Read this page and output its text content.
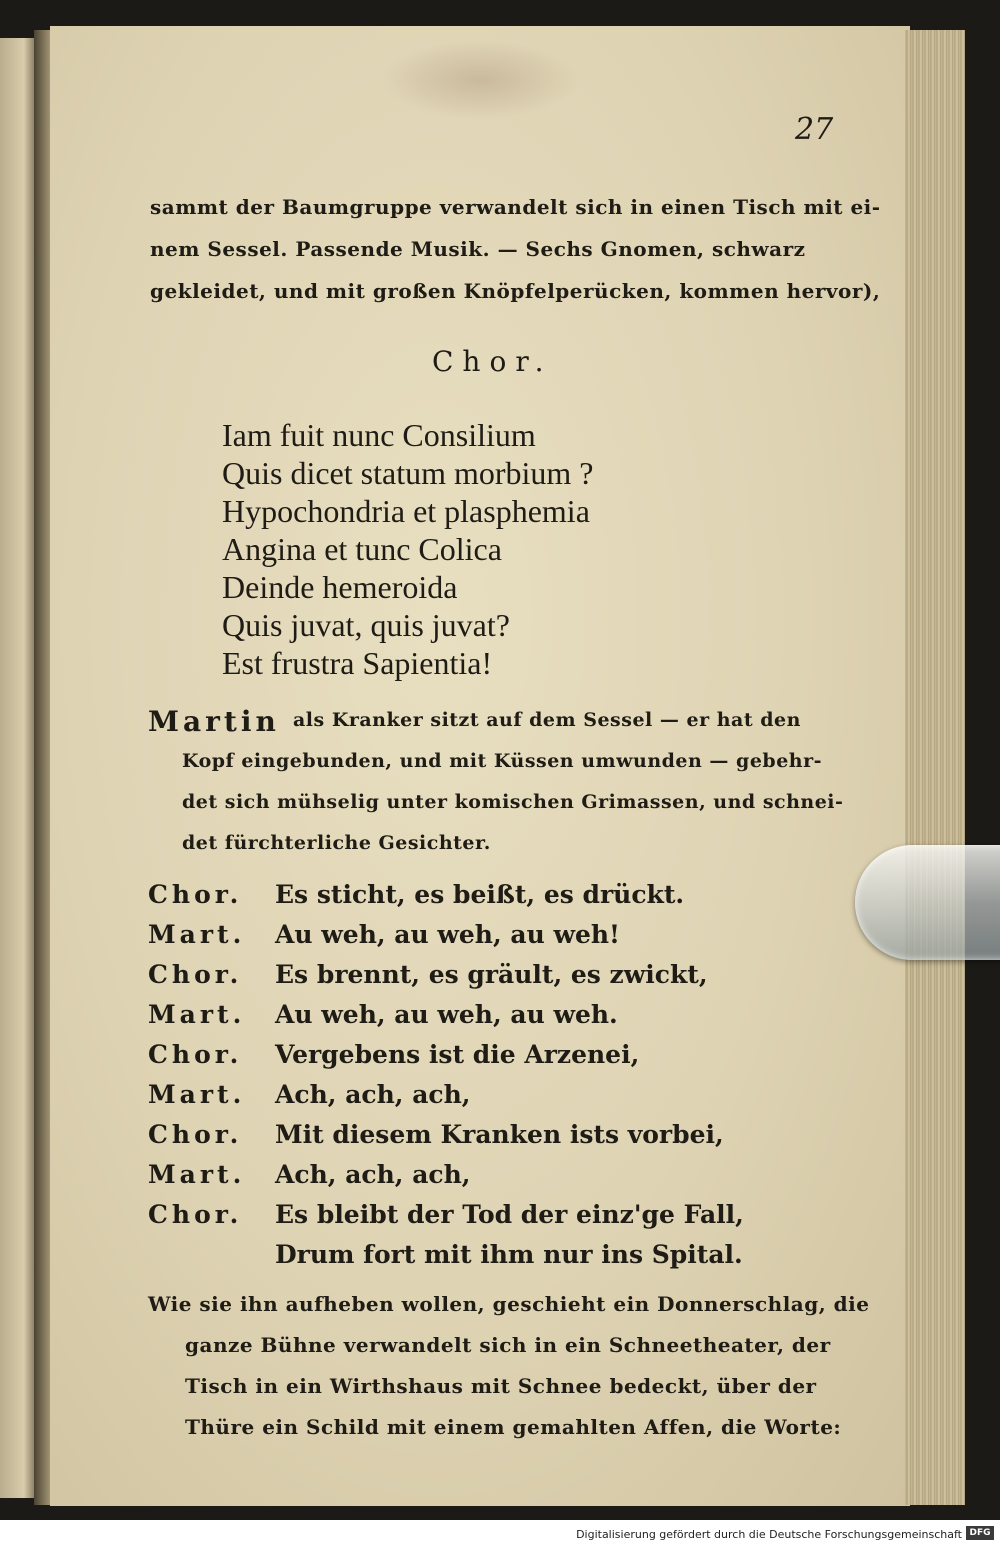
27
sammt der Baumgruppe verwandelt sich in einen Tisch mit ei-
nem Sessel. Passende Musik. — Sechs Gnomen, schwarz
gekleidet, und mit großen Knöpfelperücken, kommen hervor),
Chor.
Iam fuit nunc Consilium
Quis dicet statum morbium ?
Hypochondria et plasphemia
Angina et tunc Colica
Deinde hemeroida
Quis juvat, quis juvat?
Est frustra Sapientia!
Martin als Kranker sitzt auf dem Sessel — er hat den
Kopf eingebunden, und mit Küssen umwunden — gebehr-
det sich mühselig unter komischen Grimassen, und schnei-
det fürchterliche Gesichter.
Chor. Es sticht, es beißt, es drückt.
Mart. Au weh, au weh, au weh!
Chor. Es brennt, es gräult, es zwickt,
Mart. Au weh, au weh, au weh.
Chor. Vergebens ist die Arzenei,
Mart. Ach, ach, ach,
Chor. Mit diesem Kranken ists vorbei,
Mart. Ach, ach, ach,
Chor. Es bleibt der Tod der einz'ge Fall,
Drum fort mit ihm nur ins Spital.
Wie sie ihn aufheben wollen, geschieht ein Donnerschlag, die
ganze Bühne verwandelt sich in ein Schneetheater, der
Tisch in ein Wirthshaus mit Schnee bedeckt, über der
Thüre ein Schild mit einem gemahlten Affen, die Worte:
Digitalisierung gefördert durch die Deutsche Forschungsgemeinschaft DFG
